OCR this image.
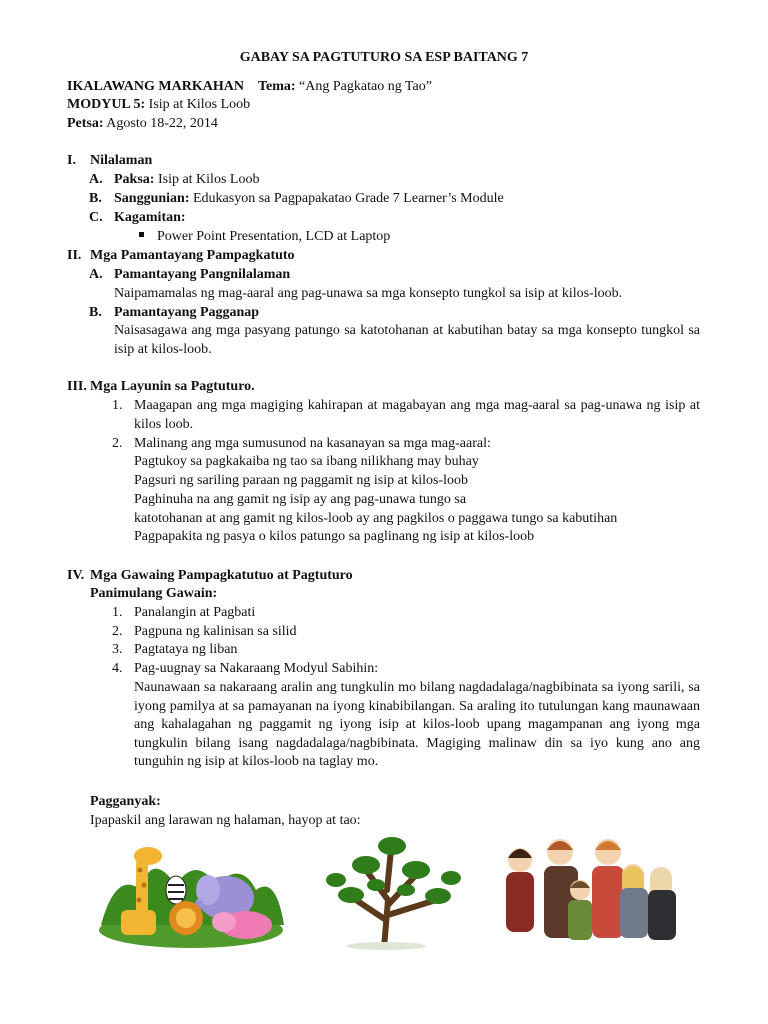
GABAY SA PAGTUTURO SA ESP BAITANG 7
IKALAWANG MARKAHAN Tema: “Ang Pagkatao ng Tao”
MODYUL 5: Isip at Kilos Loob
Petsa: Agosto 18-22, 2014
I. Nilalaman
A. Paksa: Isip at Kilos Loob
B. Sanggunian: Edukasyon sa Pagpapakatao Grade 7 Learner’s Module
C. Kagamitan:
Power Point Presentation, LCD at Laptop
II. Mga Pamantayang Pampagkatuto
A. Pamantayang Pangnilalaman
Naipamamalas ng mag-aaral ang pag-unawa sa mga konsepto tungkol sa isip at kilos-loob.
B. Pamantayang Pagganap
Naisasagawa ang mga pasyang patungo sa katotohanan at kabutihan batay sa mga konsepto tungkol sa isip at kilos-loob.
III. Mga Layunin sa Pagtuturo.
1. Maagapan ang mga magiging kahirapan at magabayan ang mga mag-aaral sa pag-unawa ng isip at kilos loob.
2. Malinang ang mga sumusunod na kasanayan sa mga mag-aaral:
Pagtukoy sa pagkakaiba ng tao sa ibang nilikhang may buhay
Pagsuri ng sariling paraan ng paggamit ng isip at kilos-loob
Paghinuha na ang gamit ng isip ay ang pag-unawa tungo sa
katotohanan at ang gamit ng kilos-loob ay ang pagkilos o paggawa tungo sa kabutihan
Pagpapakita ng pasya o kilos patungo sa paglinang ng isip at kilos-loob
IV. Mga Gawaing Pampagkatutuo at Pagtuturo
Panimulang Gawain:
1. Panalangin at Pagbati
2. Pagpuna ng kalinisan sa silid
3. Pagtataya ng liban
4. Pag-uugnay sa Nakaraang Modyul Sabihin:
Naunawaan sa nakaraang aralin ang tungkulin mo bilang nagdadalaga/nagbibinata sa iyong sarili, sa iyong pamilya at sa pamayanan na iyong kinabibilangan. Sa araling ito tutulungan kang maunawaan ang kahalagahan ng paggamit ng iyong isip at kilos-loob upang magampanan ang iyong mga tungkulin bilang isang nagdadalaga/nagbibinata. Magiging malinaw din sa iyo kung ano ang tunguhin ng isip at kilos-loob na taglay mo.
Pagganyak:
Ipapaskil ang larawan ng halaman, hayop at tao:
